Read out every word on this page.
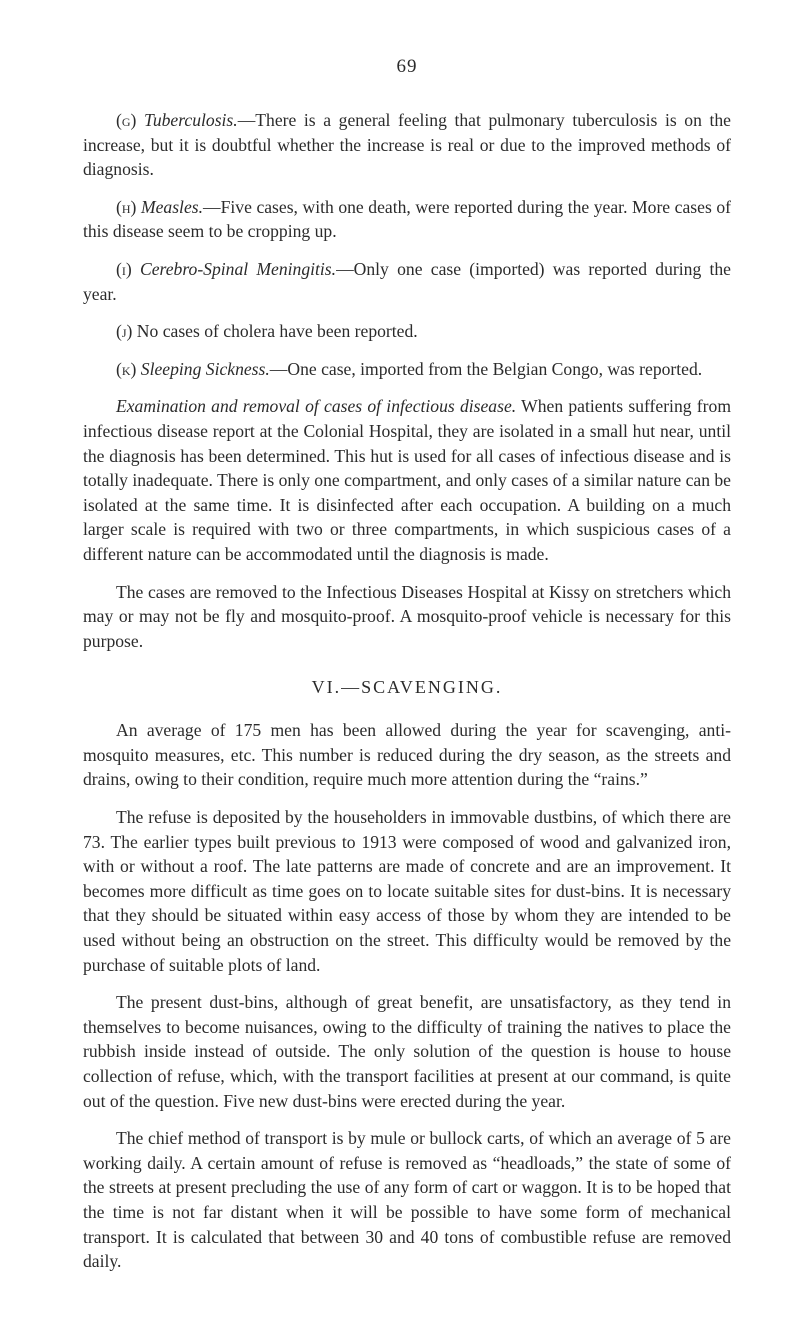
69

(g) Tuberculosis.—There is a general feeling that pulmonary tuberculosis is on the increase, but it is doubtful whether the increase is real or due to the improved methods of diagnosis.

(h) Measles.—Five cases, with one death, were reported during the year. More cases of this disease seem to be cropping up.

(i) Cerebro-Spinal Meningitis.—Only one case (imported) was reported during the year.

(j) No cases of cholera have been reported.

(k) Sleeping Sickness.—One case, imported from the Belgian Congo, was reported.

Examination and removal of cases of infectious disease. When patients suffering from infectious disease report at the Colonial Hospital, they are isolated in a small hut near, until the diagnosis has been determined. This hut is used for all cases of infectious disease and is totally inadequate. There is only one compartment, and only cases of a similar nature can be isolated at the same time. It is disinfected after each occupation. A building on a much larger scale is required with two or three compartments, in which suspicious cases of a different nature can be accommodated until the diagnosis is made.

The cases are removed to the Infectious Diseases Hospital at Kissy on stretchers which may or may not be fly and mosquito-proof. A mosquito-proof vehicle is necessary for this purpose.

VI.—SCAVENGING.

An average of 175 men has been allowed during the year for scavenging, anti-mosquito measures, etc. This number is reduced during the dry season, as the streets and drains, owing to their condition, require much more attention during the “rains.”

The refuse is deposited by the householders in immovable dustbins, of which there are 73. The earlier types built previous to 1913 were composed of wood and galvanized iron, with or without a roof. The late patterns are made of concrete and are an improvement. It becomes more difficult as time goes on to locate suitable sites for dust-bins. It is necessary that they should be situated within easy access of those by whom they are intended to be used without being an obstruction on the street. This difficulty would be removed by the purchase of suitable plots of land.

The present dust-bins, although of great benefit, are unsatisfactory, as they tend in themselves to become nuisances, owing to the difficulty of training the natives to place the rubbish inside instead of outside. The only solution of the question is house to house collection of refuse, which, with the transport facilities at present at our command, is quite out of the question. Five new dust-bins were erected during the year.

The chief method of transport is by mule or bullock carts, of which an average of 5 are working daily. A certain amount of refuse is removed as “headloads,” the state of some of the streets at present precluding the use of any form of cart or waggon. It is to be hoped that the time is not far distant when it will be possible to have some form of mechanical transport. It is calculated that between 30 and 40 tons of combustible refuse are removed daily.
